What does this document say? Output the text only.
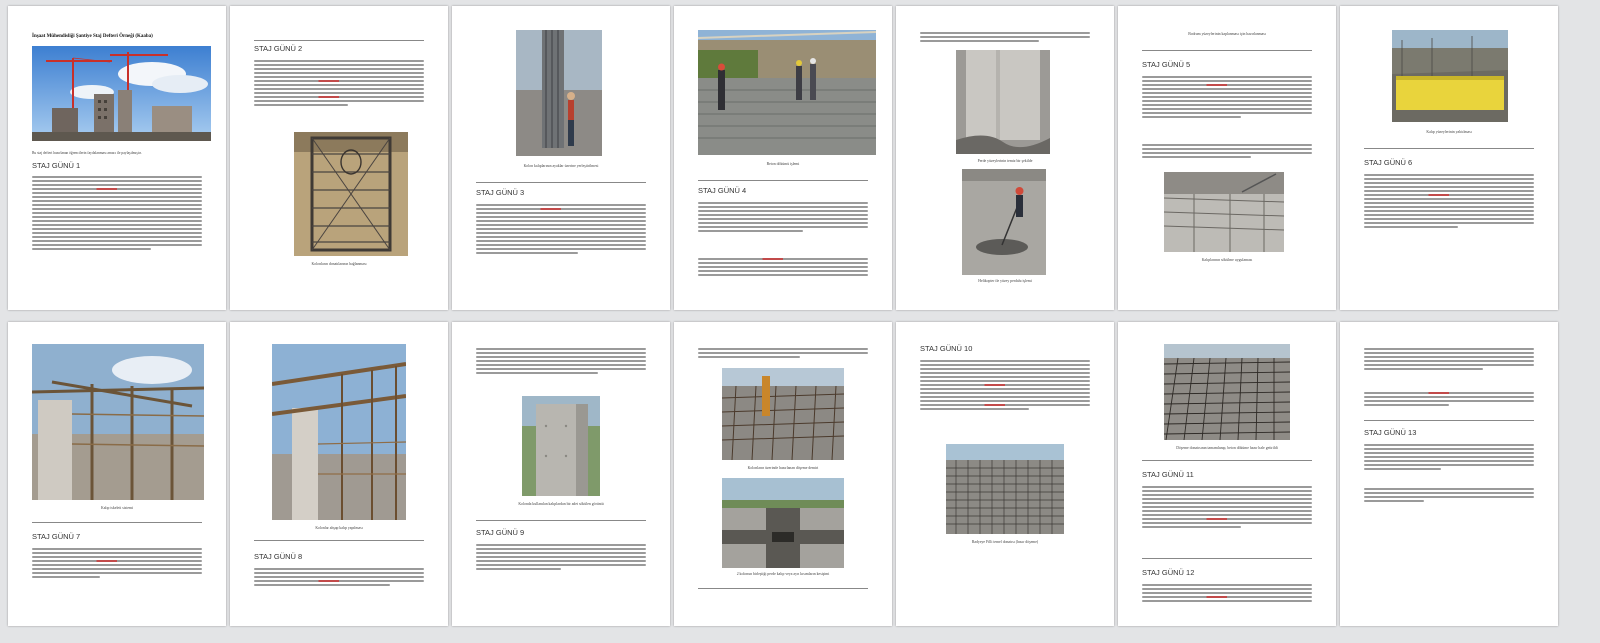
İnşaat Mühendisliği Şantiye Staj Defteri Örneği (Kaaba)
Bu staj defteri hazırlanan öğrencilerin faydalanması amacı ile paylaşılmıştır.
STAJ GÜNÜ 1
STAJ GÜNÜ 2
Kolonların donatılarının bağlanması
Kolon kalıplarının ayaklar üzerine yerleştirilmesi
STAJ GÜNÜ 3
Beton dökümü işlemi
STAJ GÜNÜ 4
Perde yüzeylerinin temiz bir şekilde
Helikopter ile yüzey perdahı işlemi
Bodrum yüzeylerinin kaplanması için hazırlanması
STAJ GÜNÜ 5
Kalıplarının sökülme uygulaması
Kalıp yüzeylerinin yalıtılması
STAJ GÜNÜ 6
Kalıp iskeleti sistemi
STAJ GÜNÜ 7
Kolonlar ahşap kalıp yapılması
STAJ GÜNÜ 8
Kolonda kullanılan kalıplardan bir adet sökülen görüntü
STAJ GÜNÜ 9
Kolonların üzerinde hazırlanan döşeme demiri
2 kolonun birleştiği perde kalıp veya ayrı kısımların kesişimi
STAJ GÜNÜ 10
Radyeye Filli temel donatısı (hasır döşeme)
Döşeme donatısının tamamlanıp, beton döküme hazır hale getirildi
STAJ GÜNÜ 11
STAJ GÜNÜ 12
STAJ GÜNÜ 13
